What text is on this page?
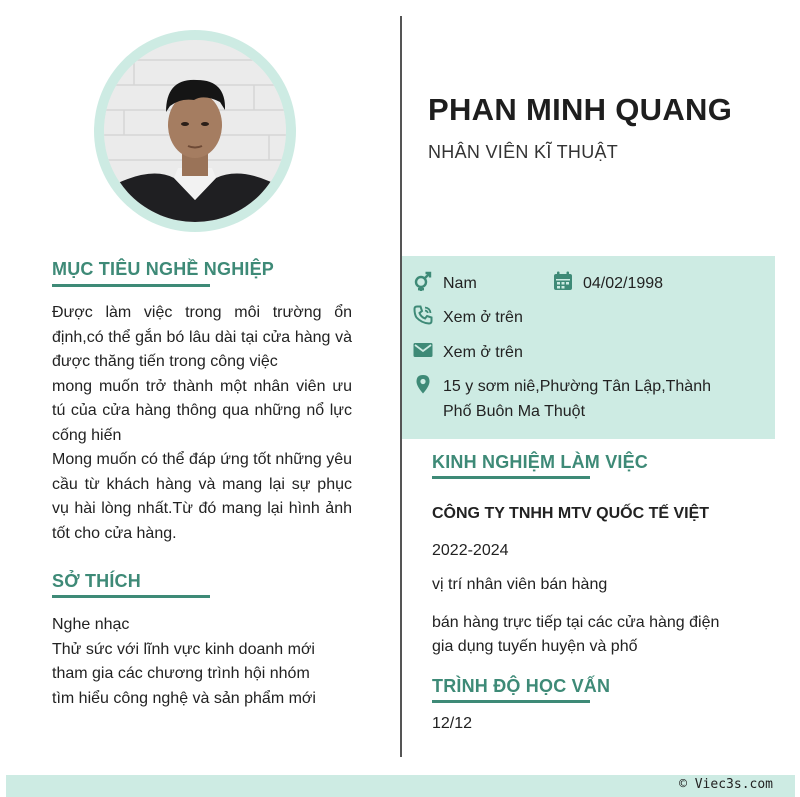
MỤC TIÊU NGHỀ NGHIỆP
Được làm việc trong môi trường ổn định,có thể gắn bó lâu dài tại cửa hàng và được thăng tiến trong công việc
mong muốn trở thành một nhân viên ưu tú của cửa hàng thông qua những nổ lực cống hiến
Mong muốn có thể đáp ứng tốt những yêu cầu từ khách hàng và mang lại sự phục vụ hài lòng nhất.Từ đó mang lại hình ảnh tốt cho cửa hàng.
SỞ THÍCH
Nghe nhạc
Thử sức với lĩnh vực kinh doanh mới
tham gia các chương trình hội nhóm
tìm hiểu công nghệ và sản phẩm mới
PHAN MINH QUANG
NHÂN VIÊN KĨ THUẬT
Nam	04/02/1998
Xem ở trên
Xem ở trên
15 y sơm niê,Phường Tân Lập,Thành
Phố Buôn Ma Thuột
KINH NGHIỆM LÀM VIỆC
CÔNG TY TNHH MTV QUỐC TẾ VIỆT
2022-2024
vị trí nhân viên bán hàng
bán hàng trực tiếp tại các cửa hàng điện
gia dụng tuyến huyện và phố
TRÌNH ĐỘ HỌC VẤN
12/12
© Viec3s.com
